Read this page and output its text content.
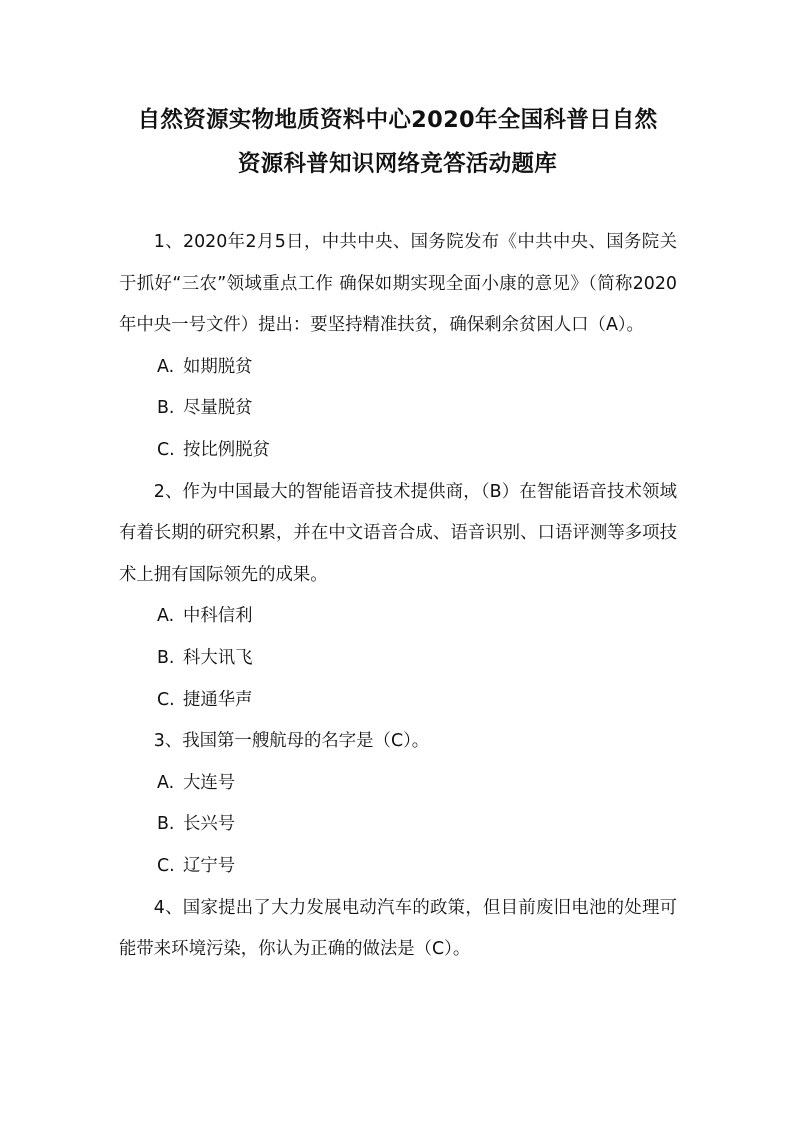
自然资源实物地质资料中心2020年全国科普日自然
资源科普知识网络竞答活动题库

1、2020年2月5日，中共中央、国务院发布《中共中央、国务院关于抓好“三农”领域重点工作 确保如期实现全面小康的意见》（简称2020年中央一号文件）提出：要坚持精准扶贫，确保剩余贫困人口（A）。

A. 如期脱贫

B. 尽量脱贫

C. 按比例脱贫

2、作为中国最大的智能语音技术提供商，（B）在智能语音技术领域有着长期的研究积累，并在中文语音合成、语音识别、口语评测等多项技术上拥有国际领先的成果。

A. 中科信利

B. 科大讯飞

C. 捷通华声

3、我国第一艘航母的名字是（C）。

A. 大连号

B. 长兴号

C. 辽宁号

4、国家提出了大力发展电动汽车的政策，但目前废旧电池的处理可能带来环境污染，你认为正确的做法是（C）。
